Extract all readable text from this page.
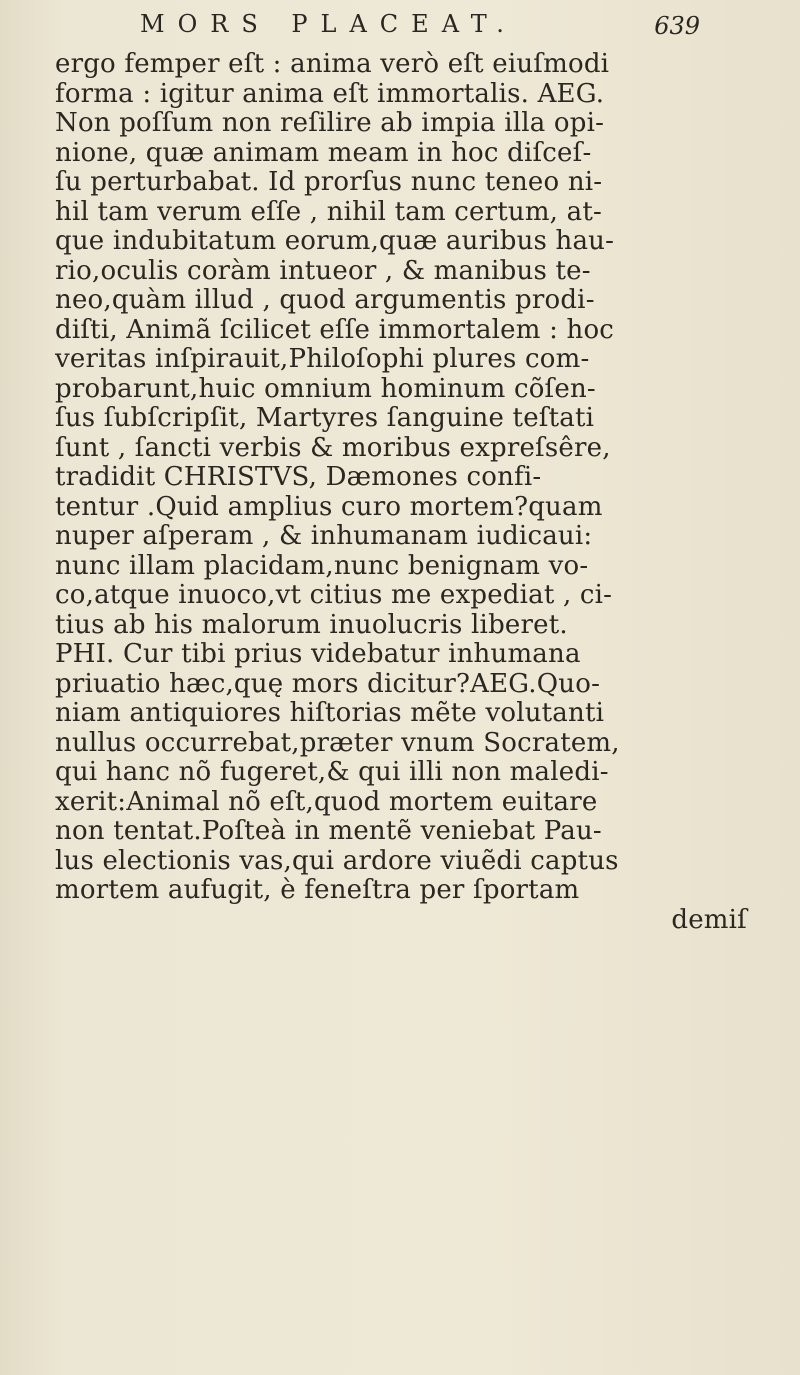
MORS PLACEAT.	639
ergo femper eſt : anima verò eſt eiuſmodi
forma : igitur anima eſt immortalis. AEG.
Non poſſum non reſilire ab impia illa opi-
nione, quæ animam meam in hoc diſceſ-
ſu perturbabat. Id prorſus nunc teneo ni-
hil tam verum eſſe , nihil tam certum, at-
que indubitatum eorum,quæ auribus hau-
rio,oculis coràm intueor , & manibus te-
neo,quàm illud , quod argumentis prodi-
diſti, Animã ſcilicet eſſe immortalem : hoc
veritas inſpirauit,Philoſophi plures com-
probarunt,huic omnium hominum cõſen-
ſus ſubſcripſit, Martyres ſanguine teſtati
ſunt , ſancti verbis & moribus expreſsêre,
tradidit CHRISTVS, Dæmones confi-
tentur .Quid amplius curo mortem?quam
nuper aſperam , & inhumanam iudicaui:
nunc illam placidam,nunc benignam vo-
co,atque inuoco,vt citius me expediat , ci-
tius ab his malorum inuolucris liberet.
PHI. Cur tibi prius videbatur inhumana
priuatio hæc,quę mors dicitur?AEG.Quo-
niam antiquiores hiſtorias mẽte volutanti
nullus occurrebat,præter vnum Socratem,
qui hanc nõ fugeret,& qui illi non maledi-
xerit:Animal nõ eſt,quod mortem euitare
non tentat.Poſteà in mentẽ veniebat Pau-
lus electionis vas,qui ardore viuẽdi captus
mortem aufugit, è feneſtra per ſportam
demiſ
